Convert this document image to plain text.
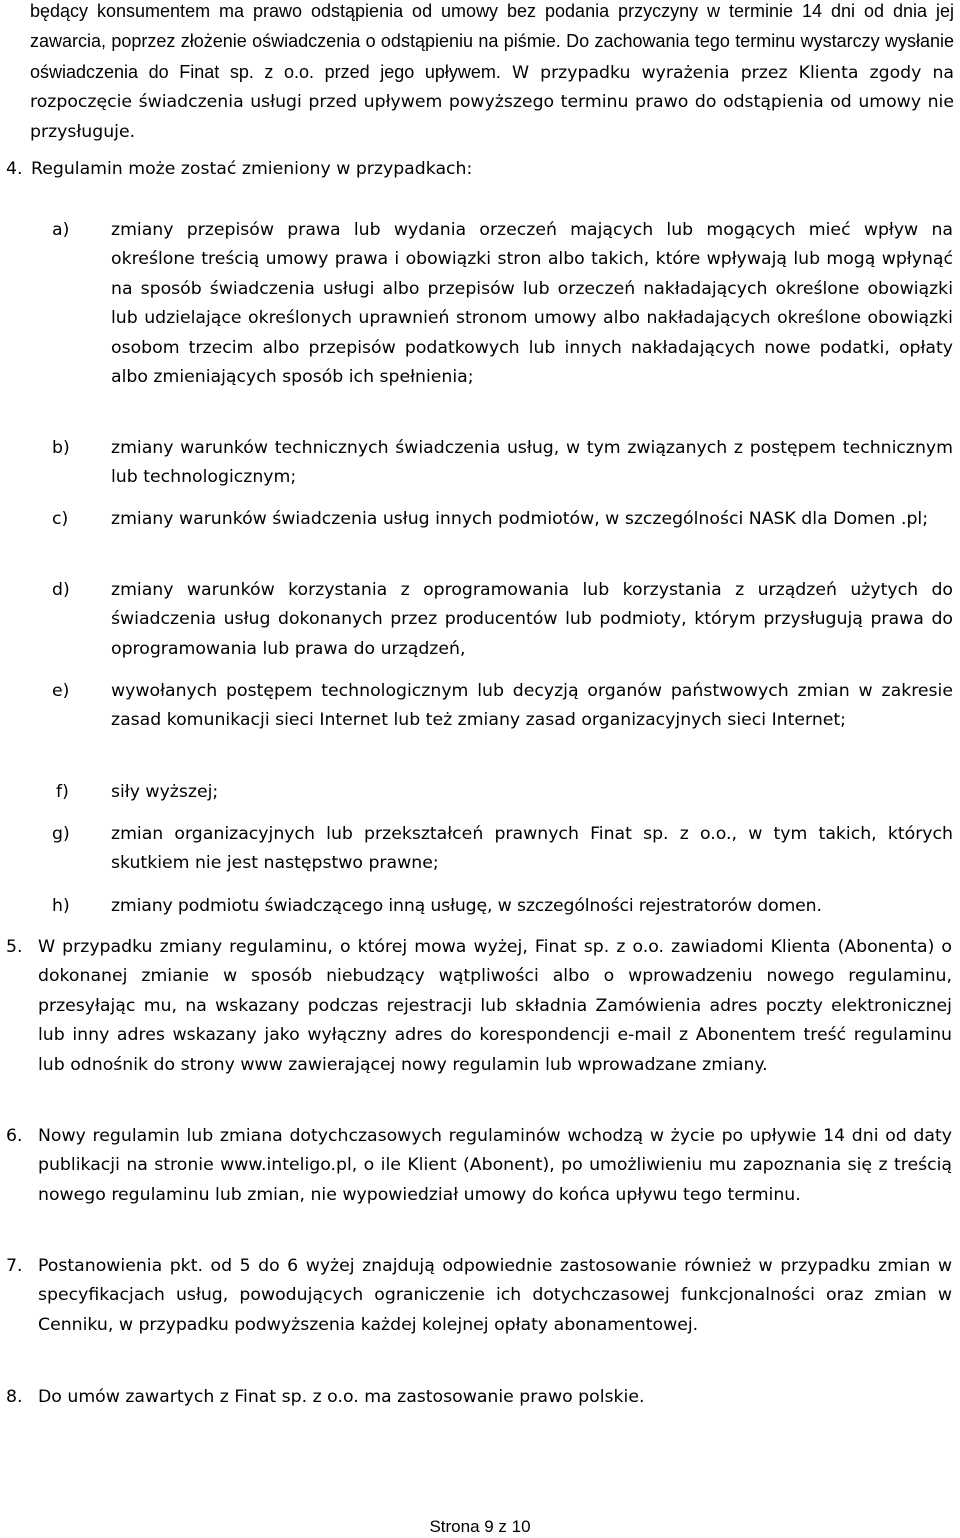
będący konsumentem ma prawo odstąpienia od umowy bez podania przyczyny w terminie 14 dni od dnia jej zawarcia, poprzez złożenie oświadczenia o odstąpieniu na piśmie. Do zachowania tego terminu wystarczy wysłanie oświadczenia do Finat sp. z o.o. przed jego upływem. W przypadku wyrażenia przez Klienta zgody na rozpoczęcie świadczenia usługi przed upływem powyższego terminu prawo do odstąpienia od umowy nie przysługuje.
4. Regulamin może zostać zmieniony w przypadkach:
a) zmiany przepisów prawa lub wydania orzeczeń mających lub mogących mieć wpływ na określone treścią umowy prawa i obowiązki stron albo takich, które wpływają lub mogą wpłynąć na sposób świadczenia usługi albo przepisów lub orzeczeń nakładających określone obowiązki lub udzielające określonych uprawnień stronom umowy albo nakładających określone obowiązki osobom trzecim albo przepisów podatkowych lub innych nakładających nowe podatki, opłaty albo zmieniających sposób ich spełnienia;
b) zmiany warunków technicznych świadczenia usług, w tym związanych z postępem technicznym lub technologicznym;
c) zmiany warunków świadczenia usług innych podmiotów, w szczególności NASK dla Domen .pl;
d) zmiany warunków korzystania z oprogramowania lub korzystania z urządzeń użytych do świadczenia usług dokonanych przez producentów lub podmioty, którym przysługują prawa do oprogramowania lub prawa do urządzeń,
e) wywołanych postępem technologicznym lub decyzją organów państwowych zmian w zakresie zasad komunikacji sieci Internet lub też zmiany zasad organizacyjnych sieci Internet;
f) siły wyższej;
g) zmian organizacyjnych lub przekształceń prawnych Finat sp. z o.o., w tym takich, których skutkiem nie jest następstwo prawne;
h) zmiany podmiotu świadczącego inną usługę, w szczególności rejestratorów domen.
5. W przypadku zmiany regulaminu, o której mowa wyżej, Finat sp. z o.o. zawiadomi Klienta (Abonenta) o dokonanej zmianie w sposób niebudzący wątpliwości albo o wprowadzeniu nowego regulaminu, przesyłając mu, na wskazany podczas rejestracji lub składnia Zamówienia adres poczty elektronicznej lub inny adres wskazany jako wyłączny adres do korespondencji e-mail z Abonentem treść regulaminu lub odnośnik do strony www zawierającej nowy regulamin lub wprowadzane zmiany.
6. Nowy regulamin lub zmiana dotychczasowych regulaminów wchodzą w życie po upływie 14 dni od daty publikacji na stronie www.inteligo.pl, o ile Klient (Abonent), po umożliwieniu mu zapoznania się z treścią nowego regulaminu lub zmian, nie wypowiedział umowy do końca upływu tego terminu.
7. Postanowienia pkt. od 5 do 6 wyżej znajdują odpowiednie zastosowanie również w przypadku zmian w specyfikacjach usług, powodujących ograniczenie ich dotychczasowej funkcjonalności oraz zmian w Cenniku, w przypadku podwyższenia każdej kolejnej opłaty abonamentowej.
8. Do umów zawartych z Finat sp. z o.o. ma zastosowanie prawo polskie.
Strona 9 z 10
